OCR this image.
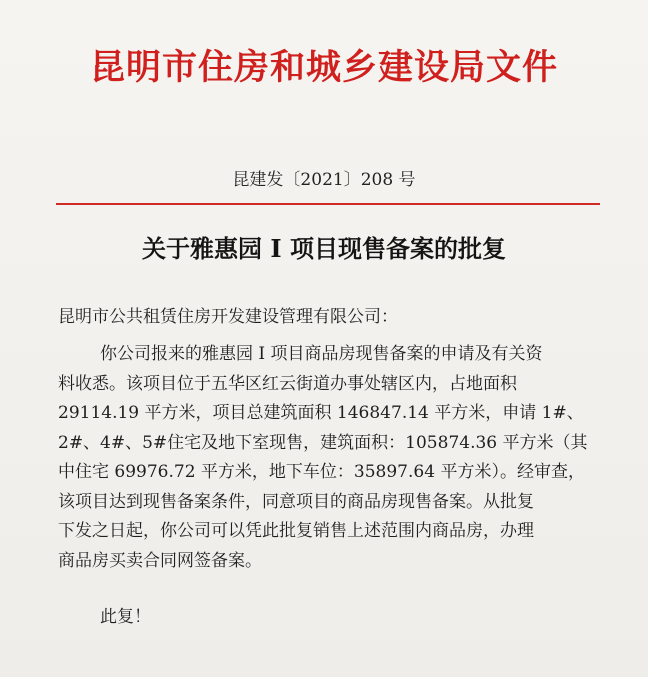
昆明市住房和城乡建设局文件
昆建发〔2021〕208 号
关于雅惠园 I 项目现售备案的批复
昆明市公共租赁住房开发建设管理有限公司：
你公司报来的雅惠园 I 项目商品房现售备案的申请及有关资
料收悉。该项目位于五华区红云街道办事处辖区内，占地面积
29114.19 平方米，项目总建筑面积 146847.14 平方米，申请 1#、
2#、4#、5#住宅及地下室现售，建筑面积：105874.36 平方米（其
中住宅 69976.72 平方米，地下车位：35897.64 平方米）。经审查，
该项目达到现售备案条件，同意项目的商品房现售备案。从批复
下发之日起，你公司可以凭此批复销售上述范围内商品房，办理
商品房买卖合同网签备案。
此复！
